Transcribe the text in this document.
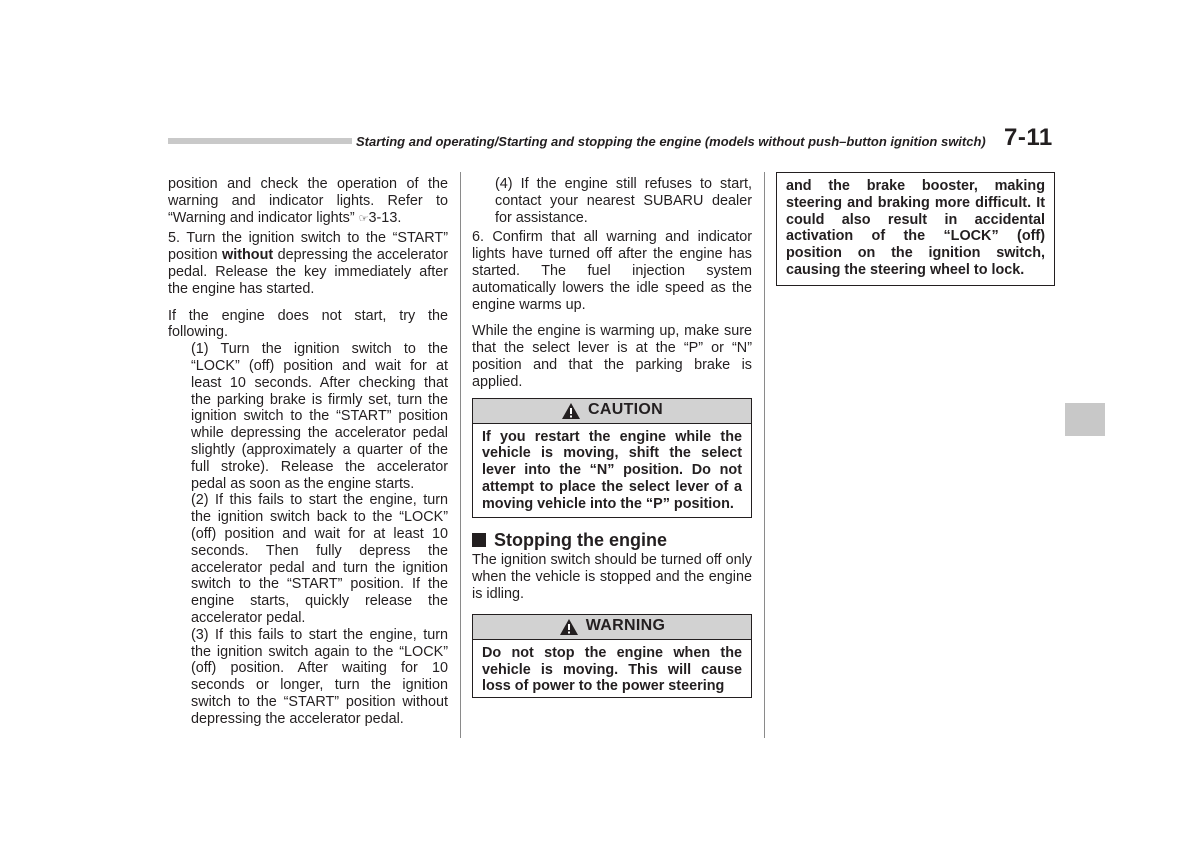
Starting and operating/Starting and stopping the engine (models without push–button ignition switch) 7-11

position and check the operation of the warning and indicator lights. Refer to “Warning and indicator lights” ☞3-13.

5. Turn the ignition switch to the “START” position without depressing the accelerator pedal. Release the key immediately after the engine has started.

If the engine does not start, try the following.

(1) Turn the ignition switch to the “LOCK” (off) position and wait for at least 10 seconds. After checking that the parking brake is firmly set, turn the ignition switch to the “START” position while depressing the accelerator pedal slightly (approximately a quarter of the full stroke). Release the accelerator pedal as soon as the engine starts.

(2) If this fails to start the engine, turn the ignition switch back to the “LOCK” (off) position and wait for at least 10 seconds. Then fully depress the accelerator pedal and turn the ignition switch to the “START” position. If the engine starts, quickly release the accelerator pedal.

(3) If this fails to start the engine, turn the ignition switch again to the “LOCK” (off) position. After waiting for 10 seconds or longer, turn the ignition switch to the “START” position without depressing the accelerator pedal.

(4) If the engine still refuses to start, contact your nearest SUBARU dealer for assistance.

6. Confirm that all warning and indicator lights have turned off after the engine has started. The fuel injection system automatically lowers the idle speed as the engine warms up.

While the engine is warming up, make sure that the select lever is at the “P” or “N” position and that the parking brake is applied.

CAUTION
If you restart the engine while the vehicle is moving, shift the select lever into the “N” position. Do not attempt to place the select lever of a moving vehicle into the “P” position.
Stopping the engine

The ignition switch should be turned off only when the vehicle is stopped and the engine is idling.

WARNING
Do not stop the engine when the vehicle is moving. This will cause loss of power to the power steering
and the brake booster, making steering and braking more difficult. It could also result in accidental activation of the “LOCK” (off) position on the ignition switch, causing the steering wheel to lock.
